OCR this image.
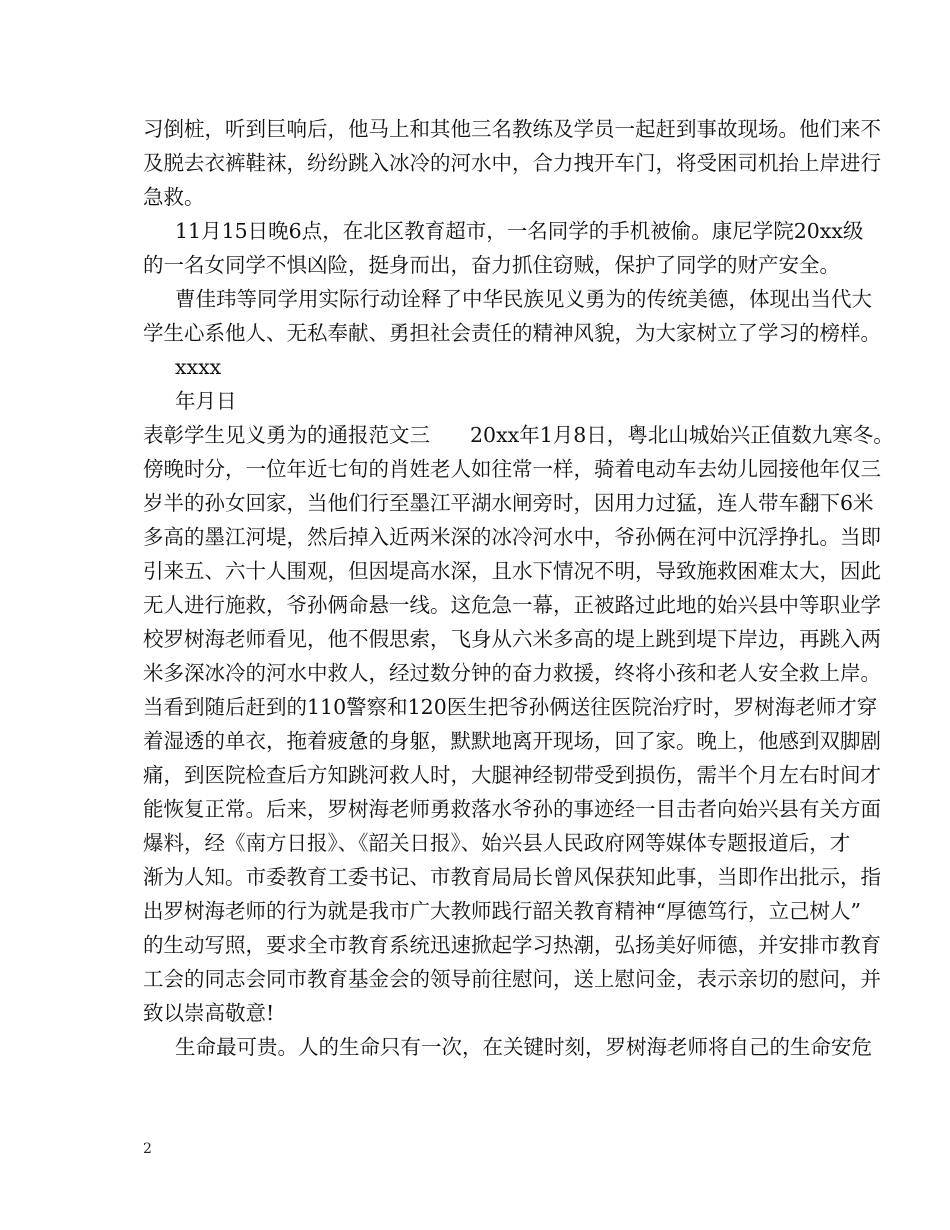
习倒桩，听到巨响后，他马上和其他三名教练及学员一起赶到事故现场。他们来不
及脱去衣裤鞋袜，纷纷跳入冰冷的河水中，合力拽开车门，将受困司机抬上岸进行
急救。
11月15日晚6点，在北区教育超市，一名同学的手机被偷。康尼学院20xx级
的一名女同学不惧凶险，挺身而出，奋力抓住窃贼，保护了同学的财产安全。
曹佳玮等同学用实际行动诠释了中华民族见义勇为的传统美德，体现出当代大
学生心系他人、无私奉献、勇担社会责任的精神风貌，为大家树立了学习的榜样。
xxxx
年月日
表彰学生见义勇为的通报范文三 20xx年1月8日，粤北山城始兴正值数九寒冬。
傍晚时分，一位年近七旬的肖姓老人如往常一样，骑着电动车去幼儿园接他年仅三
岁半的孙女回家，当他们行至墨江平湖水闸旁时，因用力过猛，连人带车翻下6米
多高的墨江河堤，然后掉入近两米深的冰冷河水中，爷孙俩在河中沉浮挣扎。当即
引来五、六十人围观，但因堤高水深，且水下情况不明，导致施救困难太大，因此
无人进行施救，爷孙俩命悬一线。这危急一幕，正被路过此地的始兴县中等职业学
校罗树海老师看见，他不假思索，飞身从六米多高的堤上跳到堤下岸边，再跳入两
米多深冰冷的河水中救人，经过数分钟的奋力救援，终将小孩和老人安全救上岸。
当看到随后赶到的110警察和120医生把爷孙俩送往医院治疗时，罗树海老师才穿
着湿透的单衣，拖着疲惫的身躯，默默地离开现场，回了家。晚上，他感到双脚剧
痛，到医院检查后方知跳河救人时，大腿神经韧带受到损伤，需半个月左右时间才
能恢复正常。后来，罗树海老师勇救落水爷孙的事迹经一目击者向始兴县有关方面
爆料，经《南方日报》、《韶关日报》、始兴县人民政府网等媒体专题报道后，才
渐为人知。市委教育工委书记、市教育局局长曾风保获知此事，当即作出批示，指
出罗树海老师的行为就是我市广大教师践行韶关教育精神“厚德笃行，立己树人”
的生动写照，要求全市教育系统迅速掀起学习热潮，弘扬美好师德，并安排市教育
工会的同志会同市教育基金会的领导前往慰问，送上慰问金，表示亲切的慰问，并
致以崇高敬意!
生命最可贵。人的生命只有一次，在关键时刻，罗树海老师将自己的生命安危
2
